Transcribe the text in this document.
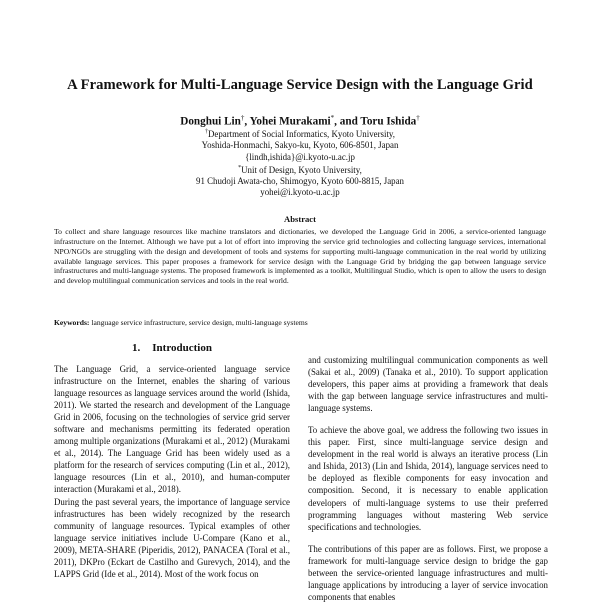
A Framework for Multi-Language Service Design with the Language Grid
Donghui Lin†, Yohei Murakami*, and Toru Ishida†
†Department of Social Informatics, Kyoto University,
Yoshida-Honmachi, Sakyo-ku, Kyoto, 606-8501, Japan
{lindh,ishida}@i.kyoto-u.ac.jp
*Unit of Design, Kyoto University,
91 Chudoji Awata-cho, Shimogyo, Kyoto 600-8815, Japan
yohei@i.kyoto-u.ac.jp
Abstract
To collect and share language resources like machine translators and dictionaries, we developed the Language Grid in 2006, a service-oriented language infrastructure on the Internet. Although we have put a lot of effort into improving the service grid technologies and collecting language services, international NPO/NGOs are struggling with the design and development of tools and systems for supporting multi-language communication in the real world by utilizing available language services. This paper proposes a framework for service design with the Language Grid by bridging the gap between language service infrastructures and multi-language systems. The proposed framework is implemented as a toolkit, Multilingual Studio, which is open to allow the users to design and develop multilingual communication services and tools in the real world.
Keywords: language service infrastructure, service design, multi-language systems
1. Introduction

The Language Grid, a service-oriented language service infrastructure on the Internet, enables the sharing of various language resources as language services around the world (Ishida, 2011). We started the research and development of the Language Grid in 2006, focusing on the technologies of service grid server software and mechanisms permitting its federated operation among multiple organizations (Murakami et al., 2012) (Murakami et al., 2014). The Language Grid has been widely used as a platform for the research of services computing (Lin et al., 2012), language resources (Lin et al., 2010), and human-computer interaction (Murakami et al., 2018).

During the past several years, the importance of language service infrastructures has been widely recognized by the research community of language resources. Typical examples of other language service initiatives include U-Compare (Kano et al., 2009), META-SHARE (Piperidis, 2012), PANACEA (Toral et al., 2011), DKPro (Eckart de Castilho and Gurevych, 2014), and the LAPPS Grid (Ide et al., 2014). Most of the work focus on

and customizing multilingual communication components as well (Sakai et al., 2009) (Tanaka et al., 2010). To support application developers, this paper aims at providing a framework that deals with the gap between language service infrastructures and multi-language systems.

To achieve the above goal, we address the following two issues in this paper. First, since multi-language service design and development in the real world is always an iterative process (Lin and Ishida, 2013) (Lin and Ishida, 2014), language services need to be deployed as flexible components for easy invocation and composition. Second, it is necessary to enable application developers of multi-language systems to use their preferred programming languages without mastering Web service specifications and technologies.

The contributions of this paper are as follows. First, we propose a framework for multi-language service design to bridge the gap between the service-oriented language infrastructures and multi-language applications by introducing a layer of service invocation components that enables
